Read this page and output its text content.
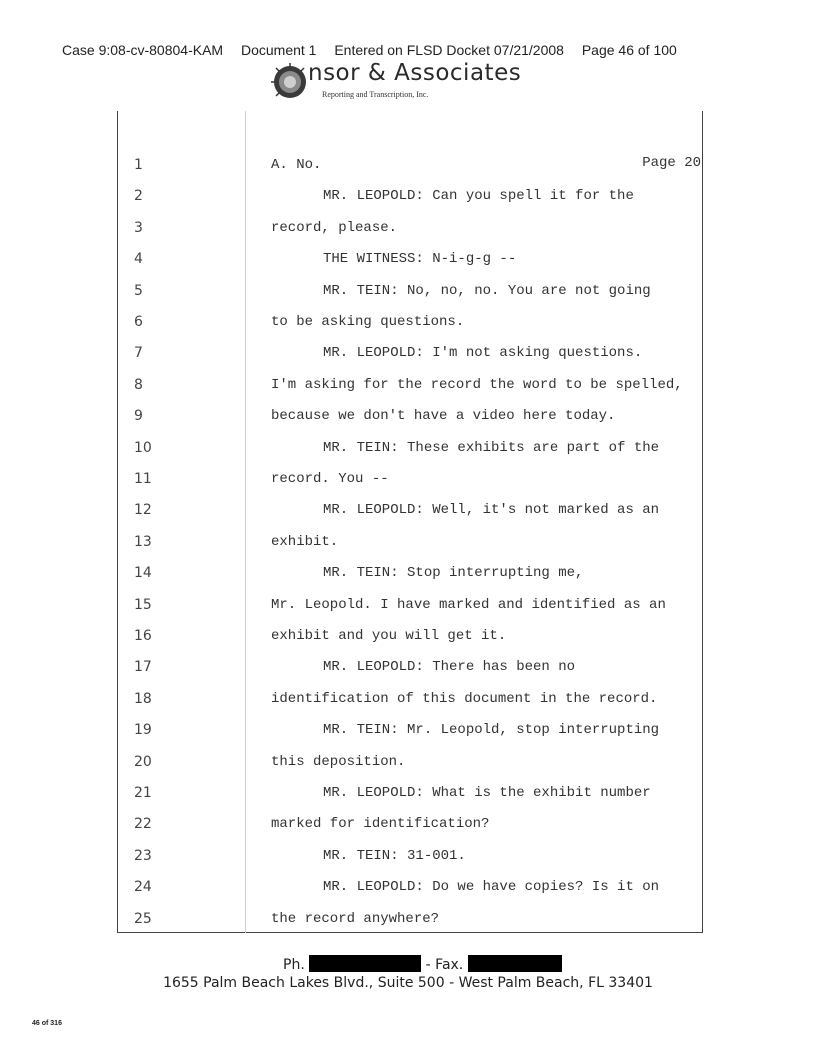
Case 9:08-cv-80804-KAM Document 1 Entered on FLSD Docket 07/21/2008 Page 46 of 100
nsor & Associates
Reporting and Transcription, Inc.
Page 20
1	A. No.
2	MR. LEOPOLD: Can you spell it for the
3	record, please.
4	THE WITNESS: N-i-g-g --
5	MR. TEIN: No, no, no. You are not going
6	to be asking questions.
7	MR. LEOPOLD: I'm not asking questions.
8	I'm asking for the record the word to be spelled,
9	because we don't have a video here today.
10	MR. TEIN: These exhibits are part of the
11	record. You --
12	MR. LEOPOLD: Well, it's not marked as an
13	exhibit.
14	MR. TEIN: Stop interrupting me,
15	Mr. Leopold. I have marked and identified as an
16	exhibit and you will get it.
17	MR. LEOPOLD: There has been no
18	identification of this document in the record.
19	MR. TEIN: Mr. Leopold, stop interrupting
20	this deposition.
21	MR. LEOPOLD: What is the exhibit number
22	marked for identification?
23	MR. TEIN: 31-001.
24	MR. LEOPOLD: Do we have copies? Is it on
25	the record anywhere?
Ph.	- Fax.
1655 Palm Beach Lakes Blvd., Suite 500 - West Palm Beach, FL 33401
46 of 316
